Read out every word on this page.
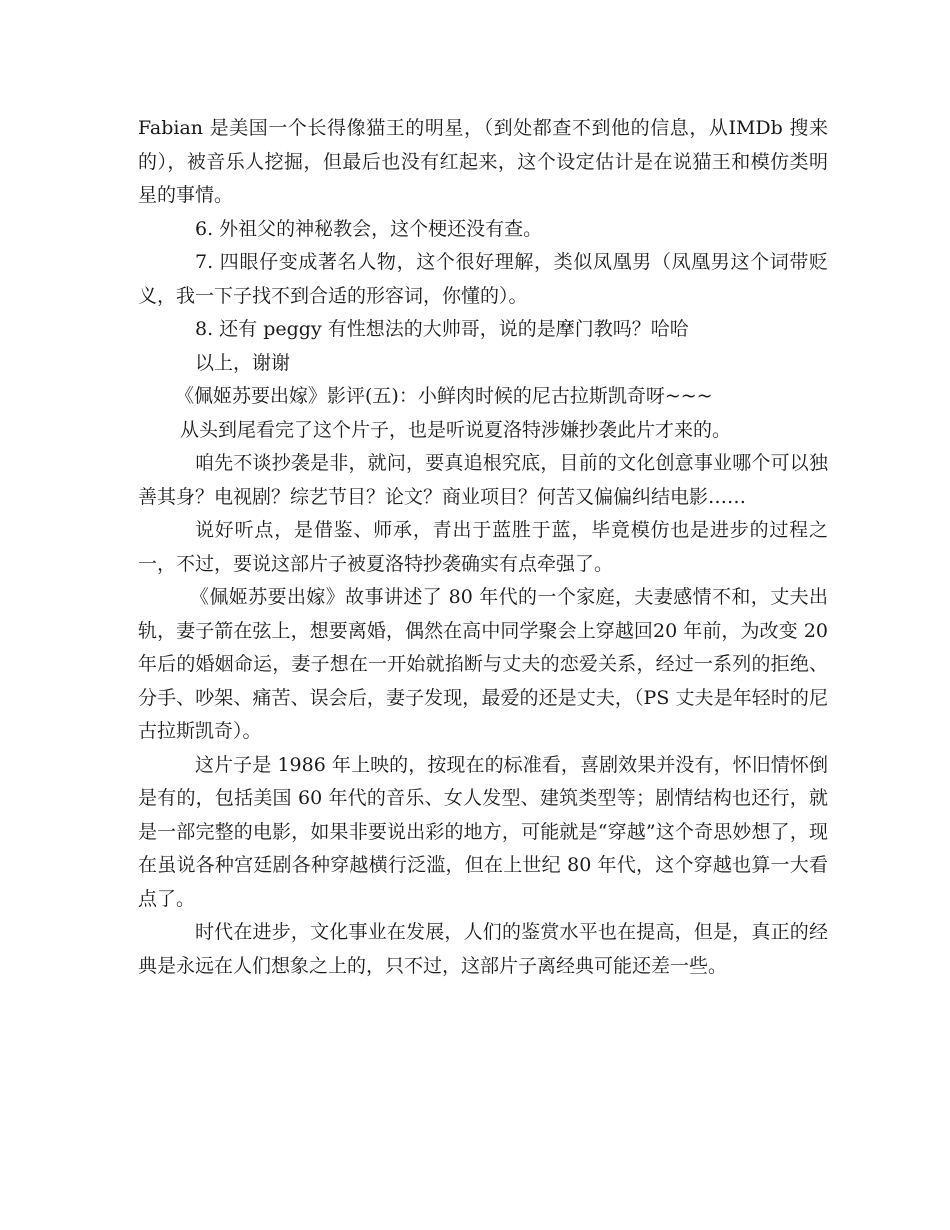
Fabian 是美国一个长得像猫王的明星，（到处都查不到他的信息，从IMDb 搜来的），被音乐人挖掘，但最后也没有红起来，这个设定估计是在说猫王和模仿类明星的事情。

6. 外祖父的神秘教会，这个梗还没有查。

7. 四眼仔变成著名人物，这个很好理解，类似凤凰男（凤凰男这个词带贬义，我一下子找不到合适的形容词，你懂的）。

8. 还有 peggy 有性想法的大帅哥，说的是摩门教吗？哈哈

以上，谢谢

《佩姬苏要出嫁》影评(五)：小鲜肉时候的尼古拉斯凯奇呀~~~

从头到尾看完了这个片子，也是听说夏洛特涉嫌抄袭此片才来的。

咱先不谈抄袭是非，就问，要真追根究底，目前的文化创意事业哪个可以独善其身？电视剧？综艺节目？论文？商业项目？何苦又偏偏纠结电影……

说好听点，是借鉴、师承，青出于蓝胜于蓝，毕竟模仿也是进步的过程之一，不过，要说这部片子被夏洛特抄袭确实有点牵强了。

《佩姬苏要出嫁》故事讲述了 80 年代的一个家庭，夫妻感情不和，丈夫出轨，妻子箭在弦上，想要离婚，偶然在高中同学聚会上穿越回20 年前，为改变 20 年后的婚姻命运，妻子想在一开始就掐断与丈夫的恋爱关系，经过一系列的拒绝、分手、吵架、痛苦、误会后，妻子发现，最爱的还是丈夫，（PS 丈夫是年轻时的尼古拉斯凯奇）。

这片子是 1986 年上映的，按现在的标准看，喜剧效果并没有，怀旧情怀倒是有的，包括美国 60 年代的音乐、女人发型、建筑类型等；剧情结构也还行，就是一部完整的电影，如果非要说出彩的地方，可能就是“穿越”这个奇思妙想了，现在虽说各种宫廷剧各种穿越横行泛滥，但在上世纪 80 年代，这个穿越也算一大看点了。

时代在进步，文化事业在发展，人们的鉴赏水平也在提高，但是，真正的经典是永远在人们想象之上的，只不过，这部片子离经典可能还差一些。
